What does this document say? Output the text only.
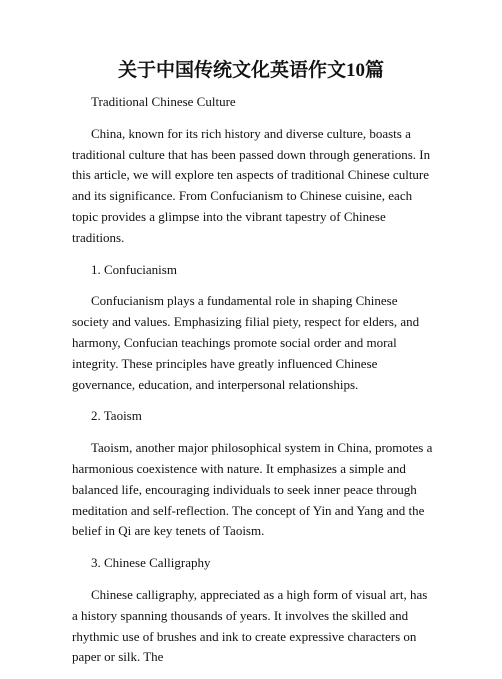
关于中国传统文化英语作文10篇

Traditional Chinese Culture

China, known for its rich history and diverse culture, boasts a traditional culture that has been passed down through generations. In this article, we will explore ten aspects of traditional Chinese culture and its significance. From Confucianism to Chinese cuisine, each topic provides a glimpse into the vibrant tapestry of Chinese traditions.

1. Confucianism

Confucianism plays a fundamental role in shaping Chinese society and values. Emphasizing filial piety, respect for elders, and harmony, Confucian teachings promote social order and moral integrity. These principles have greatly influenced Chinese governance, education, and interpersonal relationships.

2. Taoism

Taoism, another major philosophical system in China, promotes a harmonious coexistence with nature. It emphasizes a simple and balanced life, encouraging individuals to seek inner peace through meditation and self-reflection. The concept of Yin and Yang and the belief in Qi are key tenets of Taoism.

3. Chinese Calligraphy

Chinese calligraphy, appreciated as a high form of visual art, has a history spanning thousands of years. It involves the skilled and rhythmic use of brushes and ink to create expressive characters on paper or silk. The
